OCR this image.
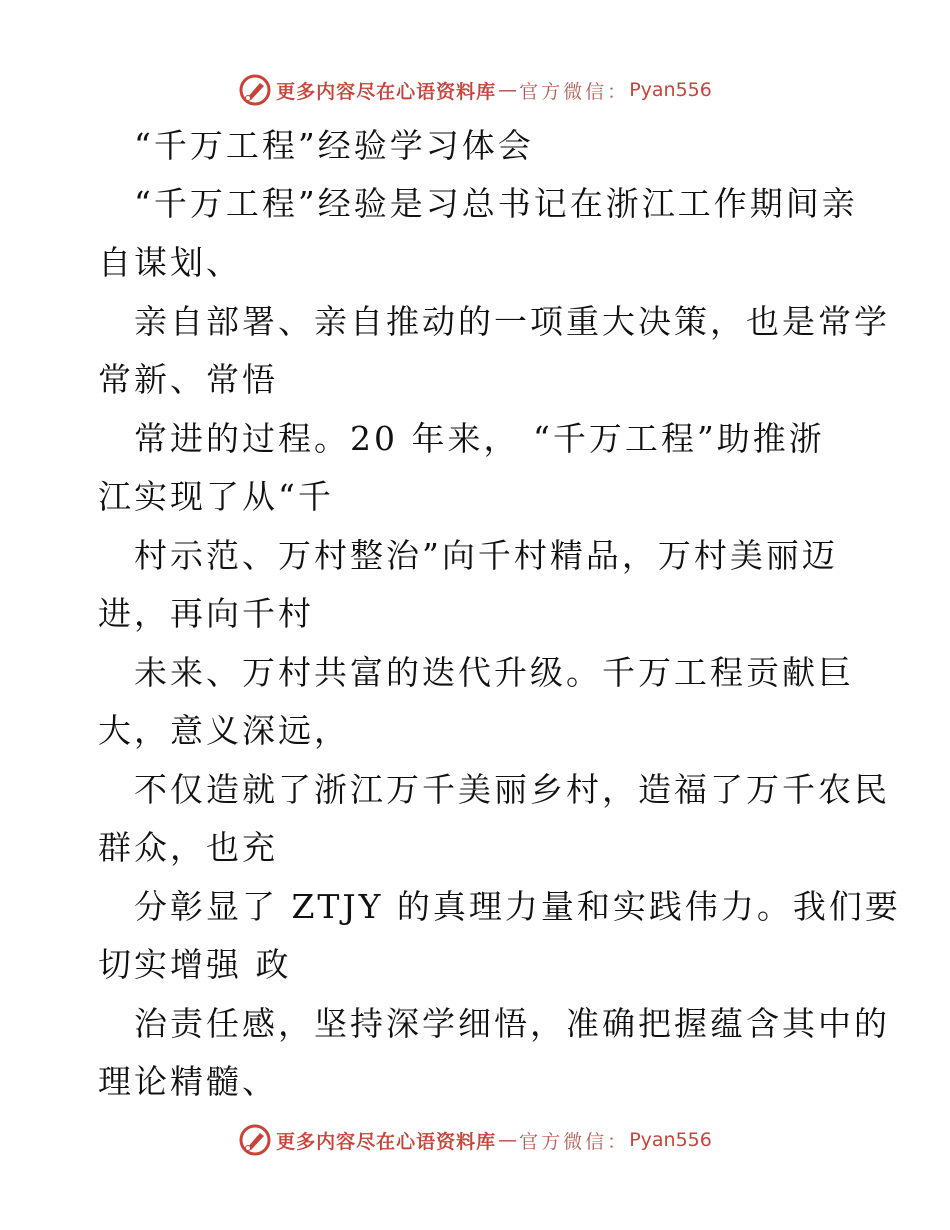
更多内容尽在心语资料库 — 官方微信： Pyan556
“千万工程”经验学习体会
“千万工程”经验是习总书记在浙江工作期间亲
自谋划、
亲自部署、亲自推动的一项重大决策，也是常学
常新、常悟
常进的过程。20 年来， “千万工程”助推浙
江实现了从“千
村示范、万村整治”向千村精品，万村美丽迈
进，再向千村
未来、万村共富的迭代升级。千万工程贡献巨
大，意义深远，
不仅造就了浙江万千美丽乡村，造福了万千农民
群众，也充
分彰显了 ZTJY 的真理力量和实践伟力。我们要
切实增强 政
治责任感，坚持深学细悟，准确把握蕴含其中的
理论精髓、
更多内容尽在心语资料库 — 官方微信： Pyan556
